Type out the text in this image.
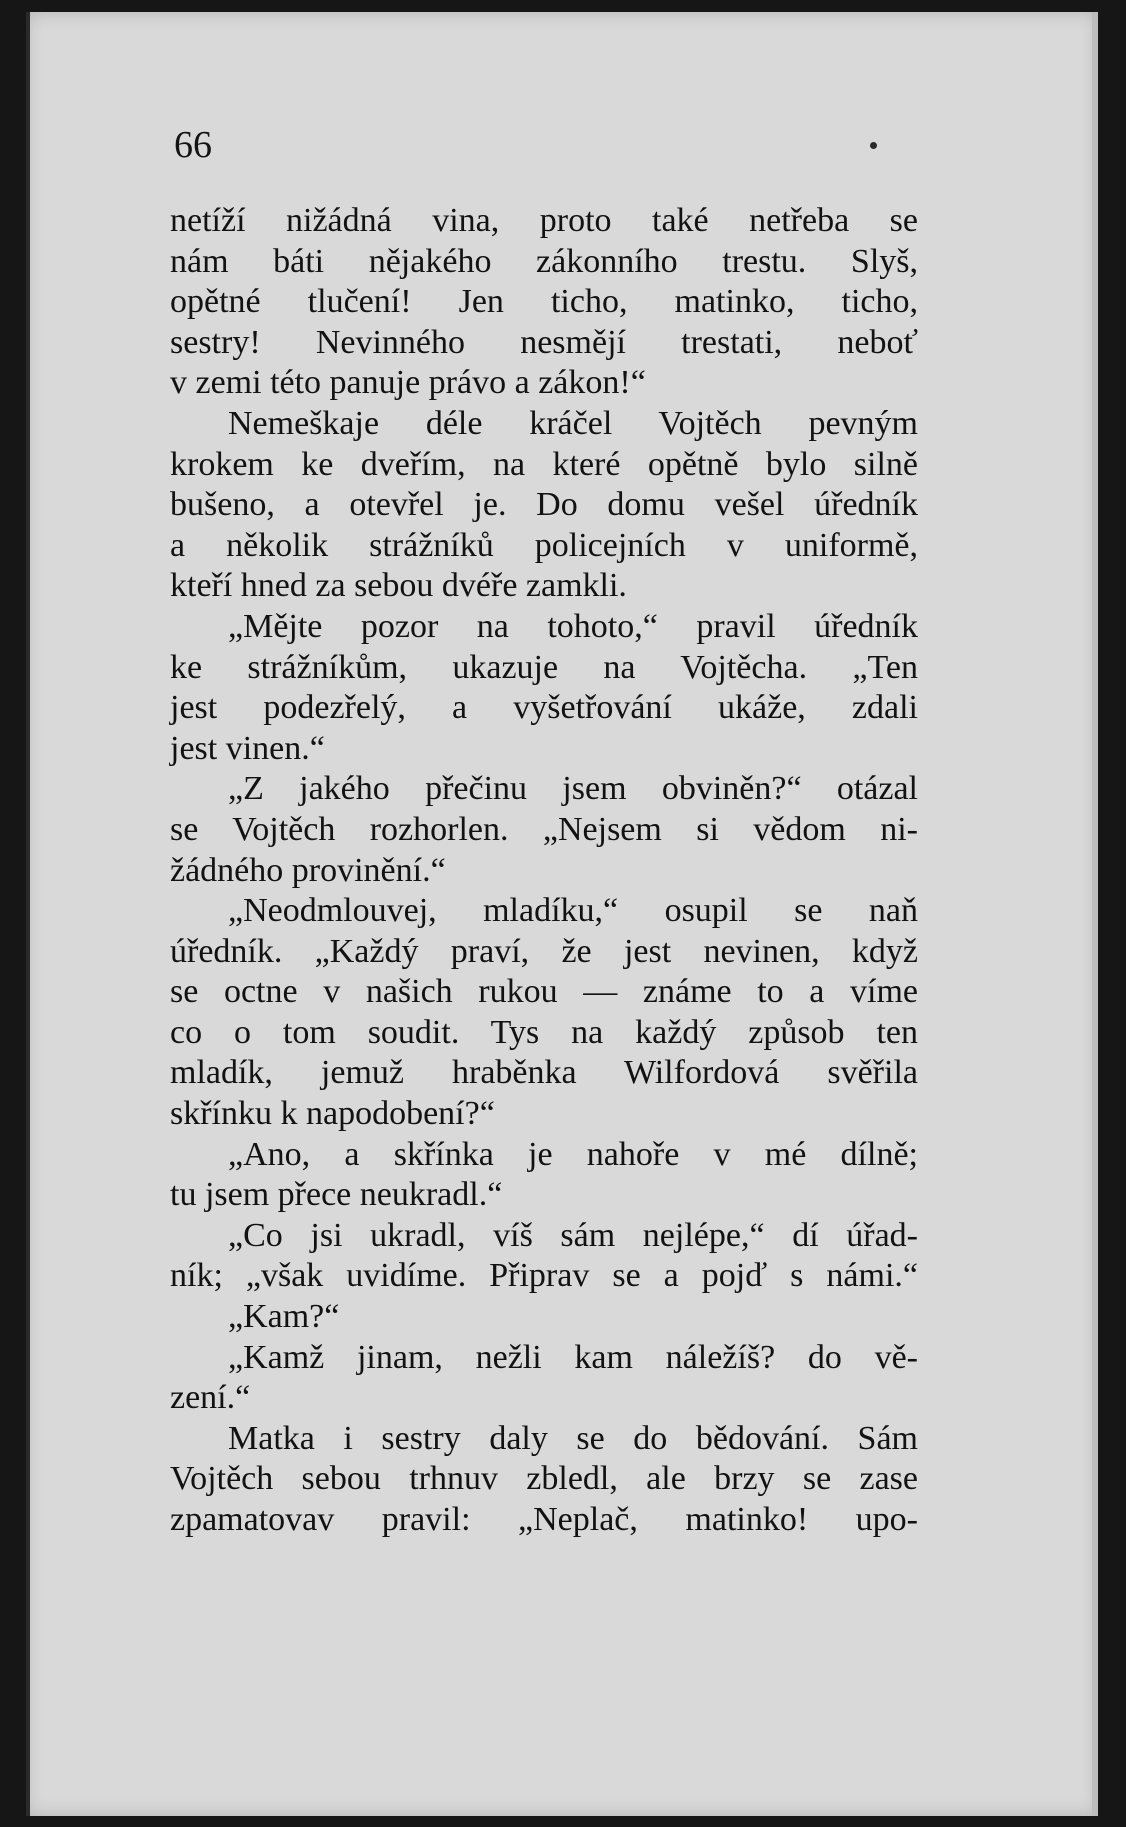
66
netíží nižádná vina, proto také netřeba se
nám báti nějakého zákonního trestu. Slyš,
opětné tlučení! Jen ticho, matinko, ticho,
sestry! Nevinného nesmějí trestati, neboť
v zemi této panuje právo a zákon!“
Nemeškaje déle kráčel Vojtěch pevným
krokem ke dveřím, na které opětně bylo silně
bušeno, a otevřel je. Do domu vešel úředník
a několik strážníků policejních v uniformě,
kteří hned za sebou dvéře zamkli.
„Mějte pozor na tohoto,“ pravil úředník
ke strážníkům, ukazuje na Vojtěcha. „Ten
jest podezřelý, a vyšetřování ukáže, zdali
jest vinen.“
„Z jakého přečinu jsem obviněn?“ otázal
se Vojtěch rozhorlen. „Nejsem si vědom ni-
žádného provinění.“
„Neodmlouvej, mladíku,“ osupil se naň
úředník. „Každý praví, že jest nevinen, když
se octne v našich rukou — známe to a víme
co o tom soudit. Tys na každý způsob ten
mladík, jemuž hraběnka Wilfordová svěřila
skřínku k napodobení?“
„Ano, a skřínka je nahoře v mé dílně;
tu jsem přece neukradl.“
„Co jsi ukradl, víš sám nejlépe,“ dí úřad-
ník; „však uvidíme. Připrav se a pojď s námi.“
„Kam?“
„Kamž jinam, nežli kam náležíš? do vě-
zení.“
Matka i sestry daly se do bědování. Sám
Vojtěch sebou trhnuv zbledl, ale brzy se zase
zpamatovav pravil: „Neplač, matinko! upo-
